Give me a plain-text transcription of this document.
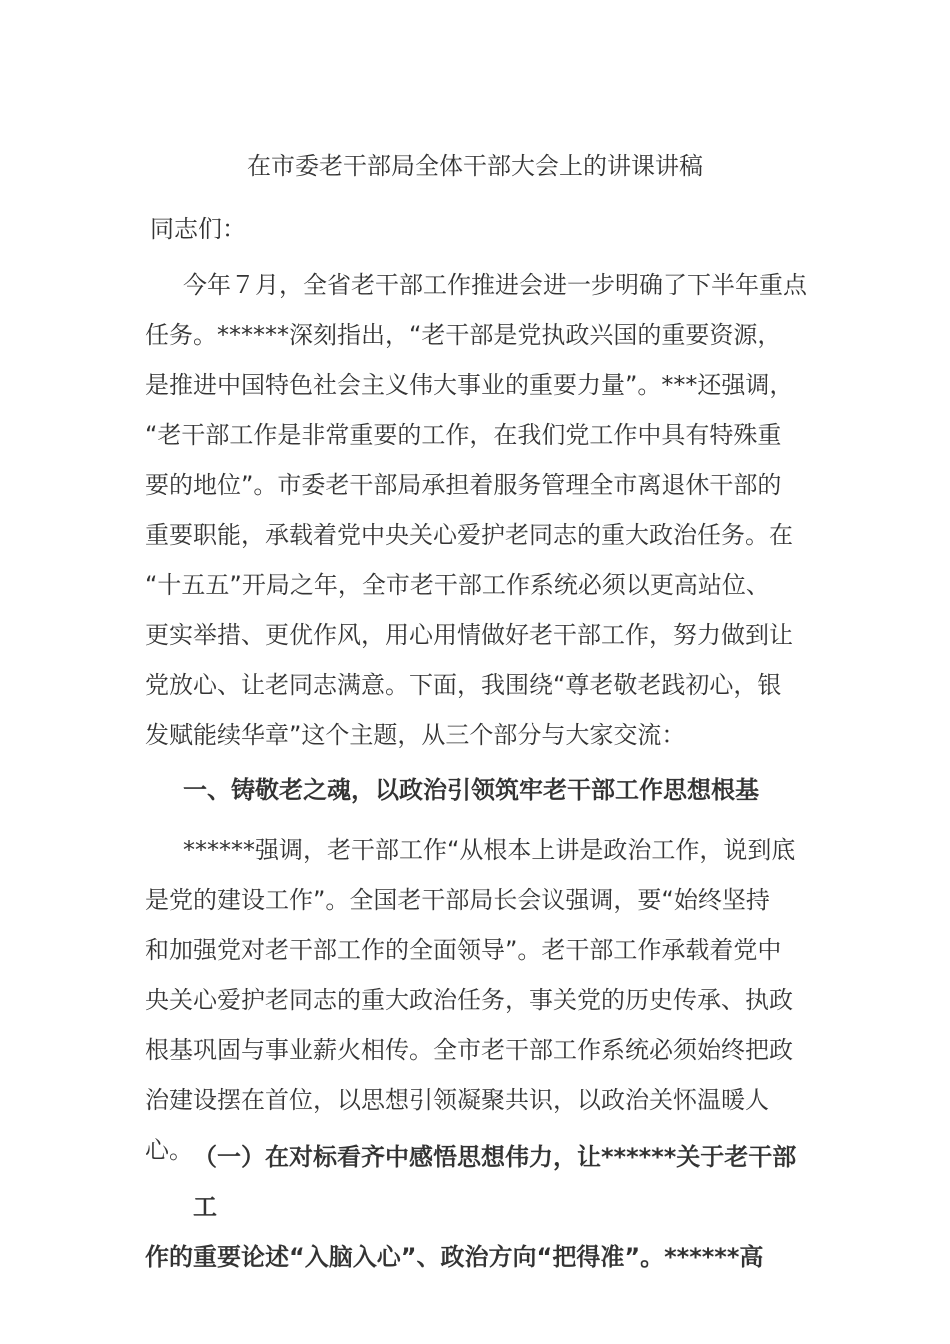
在市委老干部局全体干部大会上的讲课讲稿

同志们：

今年７月，全省老干部工作推进会进一步明确了下半年重点
任务。******深刻指出，“老干部是党执政兴国的重要资源，
是推进中国特色社会主义伟大事业的重要力量”。***还强调，
“老干部工作是非常重要的工作，在我们党工作中具有特殊重
要的地位”。市委老干部局承担着服务管理全市离退休干部的
重要职能，承载着党中央关心爱护老同志的重大政治任务。在
“十五五”开局之年，全市老干部工作系统必须以更高站位、
更实举措、更优作风，用心用情做好老干部工作，努力做到让
党放心、让老同志满意。下面，我围绕“尊老敬老践初心，银
发赋能续华章”这个主题，从三个部分与大家交流：
一、铸敬老之魂，以政治引领筑牢老干部工作思想根基
******强调，老干部工作“从根本上讲是政治工作，说到底
是党的建设工作”。全国老干部局长会议强调，要“始终坚持
和加强党对老干部工作的全面领导”。老干部工作承载着党中
央关心爱护老同志的重大政治任务，事关党的历史传承、执政
根基巩固与事业薪火相传。全市老干部工作系统必须始终把政
治建设摆在首位，以思想引领凝聚共识，以政治关怀温暖人心。 （一）在对标看齐中感悟思想伟力，让******关于老干部工
作的重要论述“入脑入心”、政治方向“把得准”。******高
